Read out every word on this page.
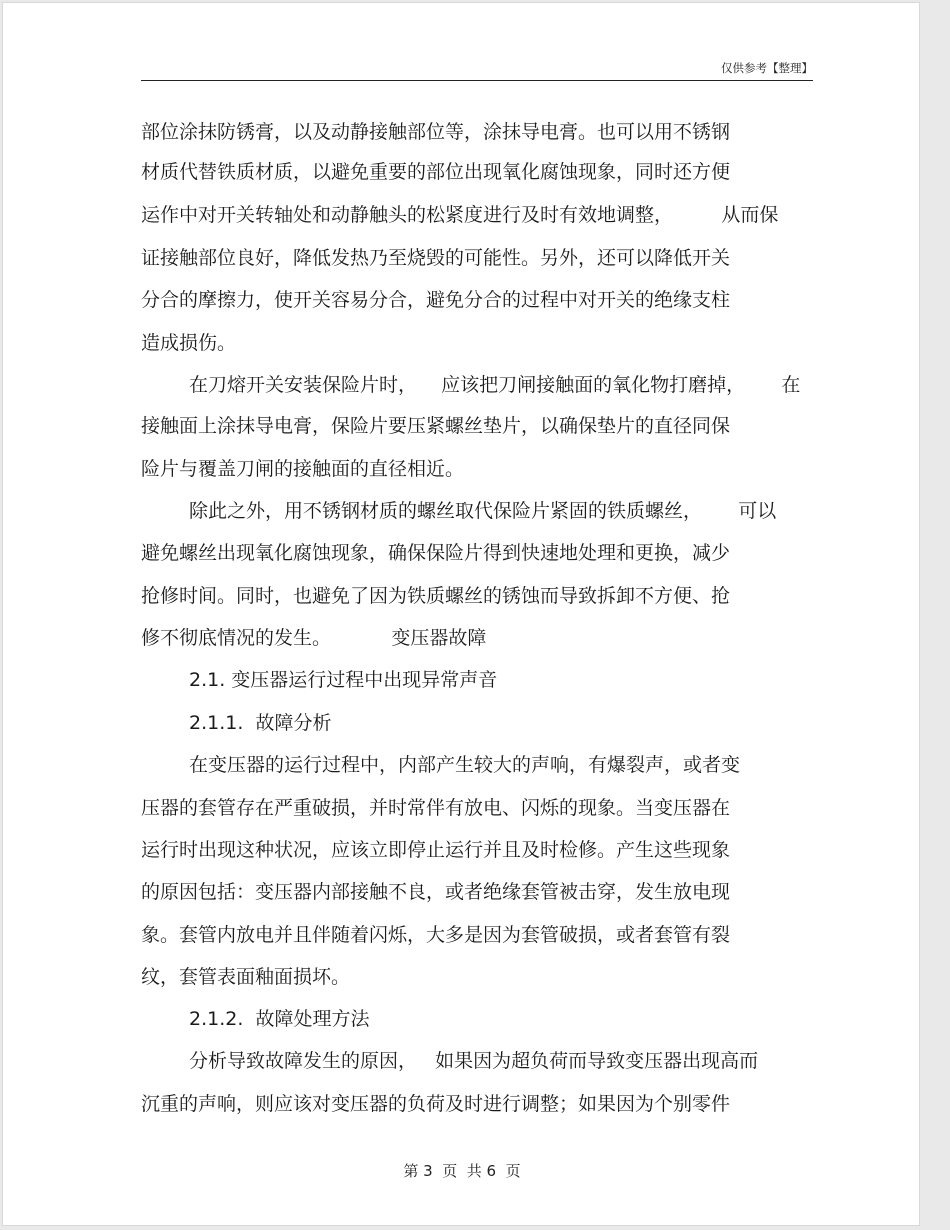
仅供参考【整理】
部位涂抹防锈膏，以及动静接触部位等，涂抹导电膏。也可以用不锈钢
材质代替铁质材质，以避免重要的部位出现氧化腐蚀现象，同时还方便
运作中对开关转轴处和动静触头的松紧度进行及时有效地调整，        从而保
证接触部位良好，降低发热乃至烧毁的可能性。另外，还可以降低开关
分合的摩擦力，使开关容易分合，避免分合的过程中对开关的绝缘支柱
造成损伤。
在刀熔开关安装保险片时，    应该把刀闸接触面的氧化物打磨掉，      在
接触面上涂抹导电膏，保险片要压紧螺丝垫片，以确保垫片的直径同保
险片与覆盖刀闸的接触面的直径相近。
除此之外，用不锈钢材质的螺丝取代保险片紧固的铁质螺丝，      可以
避免螺丝出现氧化腐蚀现象，确保保险片得到快速地处理和更换，减少
抢修时间。同时，也避免了因为铁质螺丝的锈蚀而导致拆卸不方便、抢
修不彻底情况的发生。          变压器故障
2.1. 变压器运行过程中出现异常声音
2.1.1.  故障分析
在变压器的运行过程中，内部产生较大的声响，有爆裂声，或者变
压器的套管存在严重破损，并时常伴有放电、闪烁的现象。当变压器在
运行时出现这种状况，应该立即停止运行并且及时检修。产生这些现象
的原因包括：变压器内部接触不良，或者绝缘套管被击穿，发生放电现
象。套管内放电并且伴随着闪烁，大多是因为套管破损，或者套管有裂
纹，套管表面釉面损坏。
2.1.2.  故障处理方法
分析导致故障发生的原因，   如果因为超负荷而导致变压器出现高而
沉重的声响，则应该对变压器的负荷及时进行调整；如果因为个别零件
第 3  页  共 6  页
